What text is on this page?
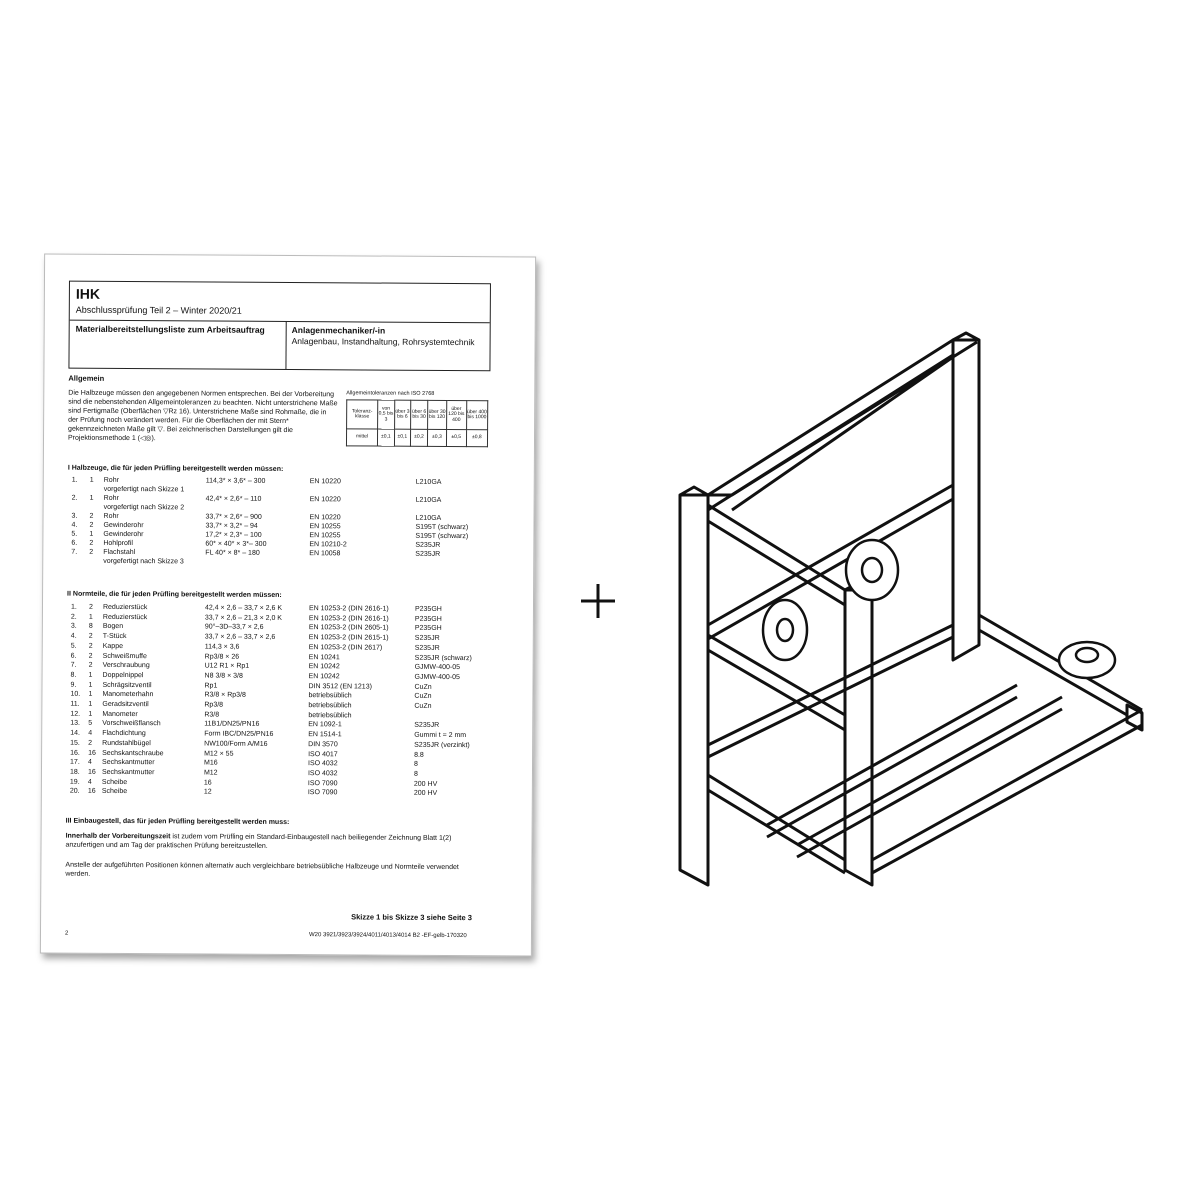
IHK
Abschlussprüfung Teil 2 – Winter 2020/21
Materialbereitstellungsliste zum Arbeitsauftrag	Anlagenmechaniker/-in
Anlagenbau, Instandhaltung, Rohrsystemtechnik
Allgemein
Die Halbzeuge müssen den angegebenen Normen entsprechen. Bei der Vorbereitung sind die nebenstehenden Allgemeintoleranzen zu beachten. Nicht unterstrichene Maße sind Fertigmaße (Oberflächen ▽Rz 16). Unterstrichene Maße sind Rohmaße, die in der Prüfung noch verändert werden. Für die Oberflächen der mit Stern* gekennzeichneten Maße gilt ▽. Bei zeichnerischen Darstellungen gilt die Projektionsmethode 1 (◁◎).
Allgemeintoleranzen nach ISO 2768
Toleranz-klasse	von 0,5 bis 3	über 3 bis 6	über 6 bis 30	über 30 bis 120	über 120 bis 400	über 400 bis 1000
mittel	±0,1	±0,1	±0,2	±0,3	±0,5	±0,8
I Halbzeuge, die für jeden Prüfling bereitgestellt werden müssen:
II Normteile, die für jeden Prüfling bereitgestellt werden müssen:
III Einbaugestell, das für jeden Prüfling bereitgestellt werden muss:
Innerhalb der Vorbereitungszeit ist zudem vom Prüfling ein Standard-Einbaugestell nach beiliegender Zeichnung Blatt 1(2) anzufertigen und am Tag der praktischen Prüfung bereitzustellen.
Anstelle der aufgeführten Positionen können alternativ auch vergleichbare betriebsübliche Halbzeuge und Normteile verwendet werden.
Skizze 1 bis Skizze 3 siehe Seite 3
2	W20 3921/3923/3924/4011/4013/4014 B2 -EF-gelb-170320
1. 1 Rohr	114,3* × 3,6* – 300	EN 10220	L210GA
vorgefertigt nach Skizze 1
2. 1 Rohr	42,4* × 2,6* – 110	EN 10220	L210GA
vorgefertigt nach Skizze 2
3. 2 Rohr	33,7* × 2,6* – 900	EN 10220	L210GA
4. 2 Gewinderohr	33,7* × 3,2* – 94	EN 10255	S195T (schwarz)
5. 1 Gewinderohr	17,2* × 2,3* – 100	EN 10255	S195T (schwarz)
6. 2 Hohlprofil	60* × 40* × 3*– 300	EN 10210-2	S235JR
7. 2 Flachstahl	FL 40* × 8* – 180	EN 10058	S235JR
vorgefertigt nach Skizze 3
1. 2 Reduzierstück	42,4 × 2,6 – 33,7 × 2,6 K	EN 10253-2 (DIN 2616-1)	P235GH
2. 1 Reduzierstück	33,7 × 2,6 – 21,3 × 2,0 K	EN 10253-2 (DIN 2616-1)	P235GH
3. 8 Bogen	90°–3D–33,7 × 2,6	EN 10253-2 (DIN 2605-1)	P235GH
4. 2 T-Stück	33,7 × 2,6 – 33,7 × 2,6	EN 10253-2 (DIN 2615-1)	S235JR
5. 2 Kappe	114,3 × 3,6	EN 10253-2 (DIN 2617)	S235JR
6. 2 Schweißmuffe	Rp3/8 × 26	EN 10241	S235JR (schwarz)
7. 2 Verschraubung	U12 R1 × Rp1	EN 10242	GJMW-400-05
8. 1 Doppelnippel	N8 3/8 × 3/8	EN 10242	GJMW-400-05
9. 1 Schrägsitzventil	Rp1	DIN 3512 (EN 1213)	CuZn
10. 1 Manometerhahn	R3/8 × Rp3/8	betriebsüblich	CuZn
11. 1 Geradsitzventil	Rp3/8	betriebsüblich	CuZn
12. 1 Manometer	R3/8	betriebsüblich
13. 5 Vorschweißflansch	11B1/DN25/PN16	EN 1092-1	S235JR
14. 4 Flachdichtung	Form IBC/DN25/PN16	EN 1514-1	Gummi t = 2 mm
15. 2 Rundstahlbügel	NW100/Form A/M16	DIN 3570	S235JR (verzinkt)
16. 16 Sechskantschraube	M12 × 55	ISO 4017	8.8
17. 4 Sechskantmutter	M16	ISO 4032	8
18. 16 Sechskantmutter	M12	ISO 4032	8
19. 4 Scheibe	16	ISO 7090	200 HV
20. 16 Scheibe	12	ISO 7090	200 HV
